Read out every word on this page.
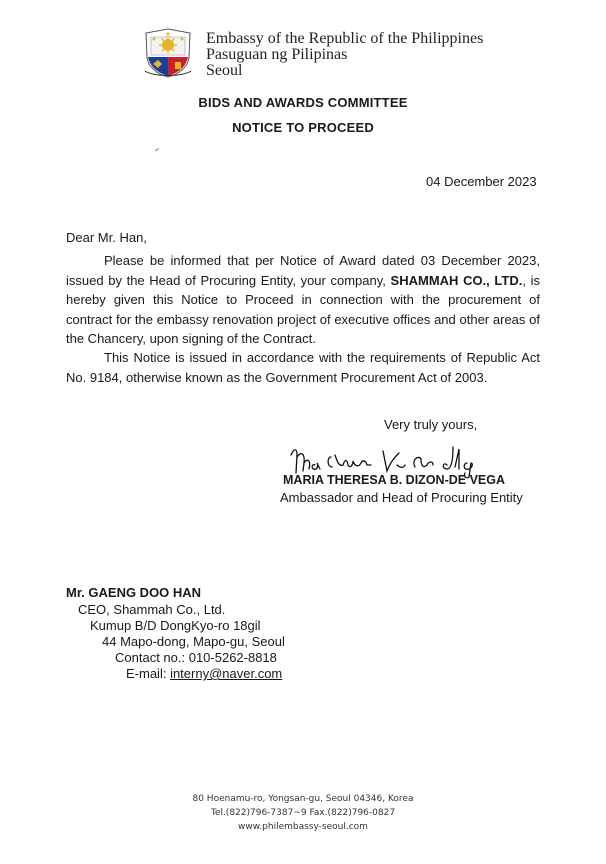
Embassy of the Republic of the Philippines
Pasuguan ng Pilipinas
Seoul
BIDS AND AWARDS COMMITTEE
NOTICE TO PROCEED
04 December 2023
Dear Mr. Han,
Please be informed that per Notice of Award dated 03 December 2023, issued by the Head of Procuring Entity, your company, SHAMMAH CO., LTD., is hereby given this Notice to Proceed in connection with the procurement of contract for the embassy renovation project of executive offices and other areas of the Chancery, upon signing of the Contract.
This Notice is issued in accordance with the requirements of Republic Act No. 9184, otherwise known as the Government Procurement Act of 2003.
Very truly yours,
MARIA THERESA B. DIZON-DE VEGA
Ambassador and Head of Procuring Entity
Mr. GAENG DOO HAN
CEO, Shammah Co., Ltd.
Kumup B/D DongKyo-ro 18gil
44 Mapo-dong, Mapo-gu, Seoul
Contact no.: 010-5262-8818
E-mail: interny@naver.com
80 Hoenamu-ro, Yongsan-gu, Seoul 04346, Korea
Tel.(822)796-7387~9 Fax.(822)796-0827
www.philembassy-seoul.com
